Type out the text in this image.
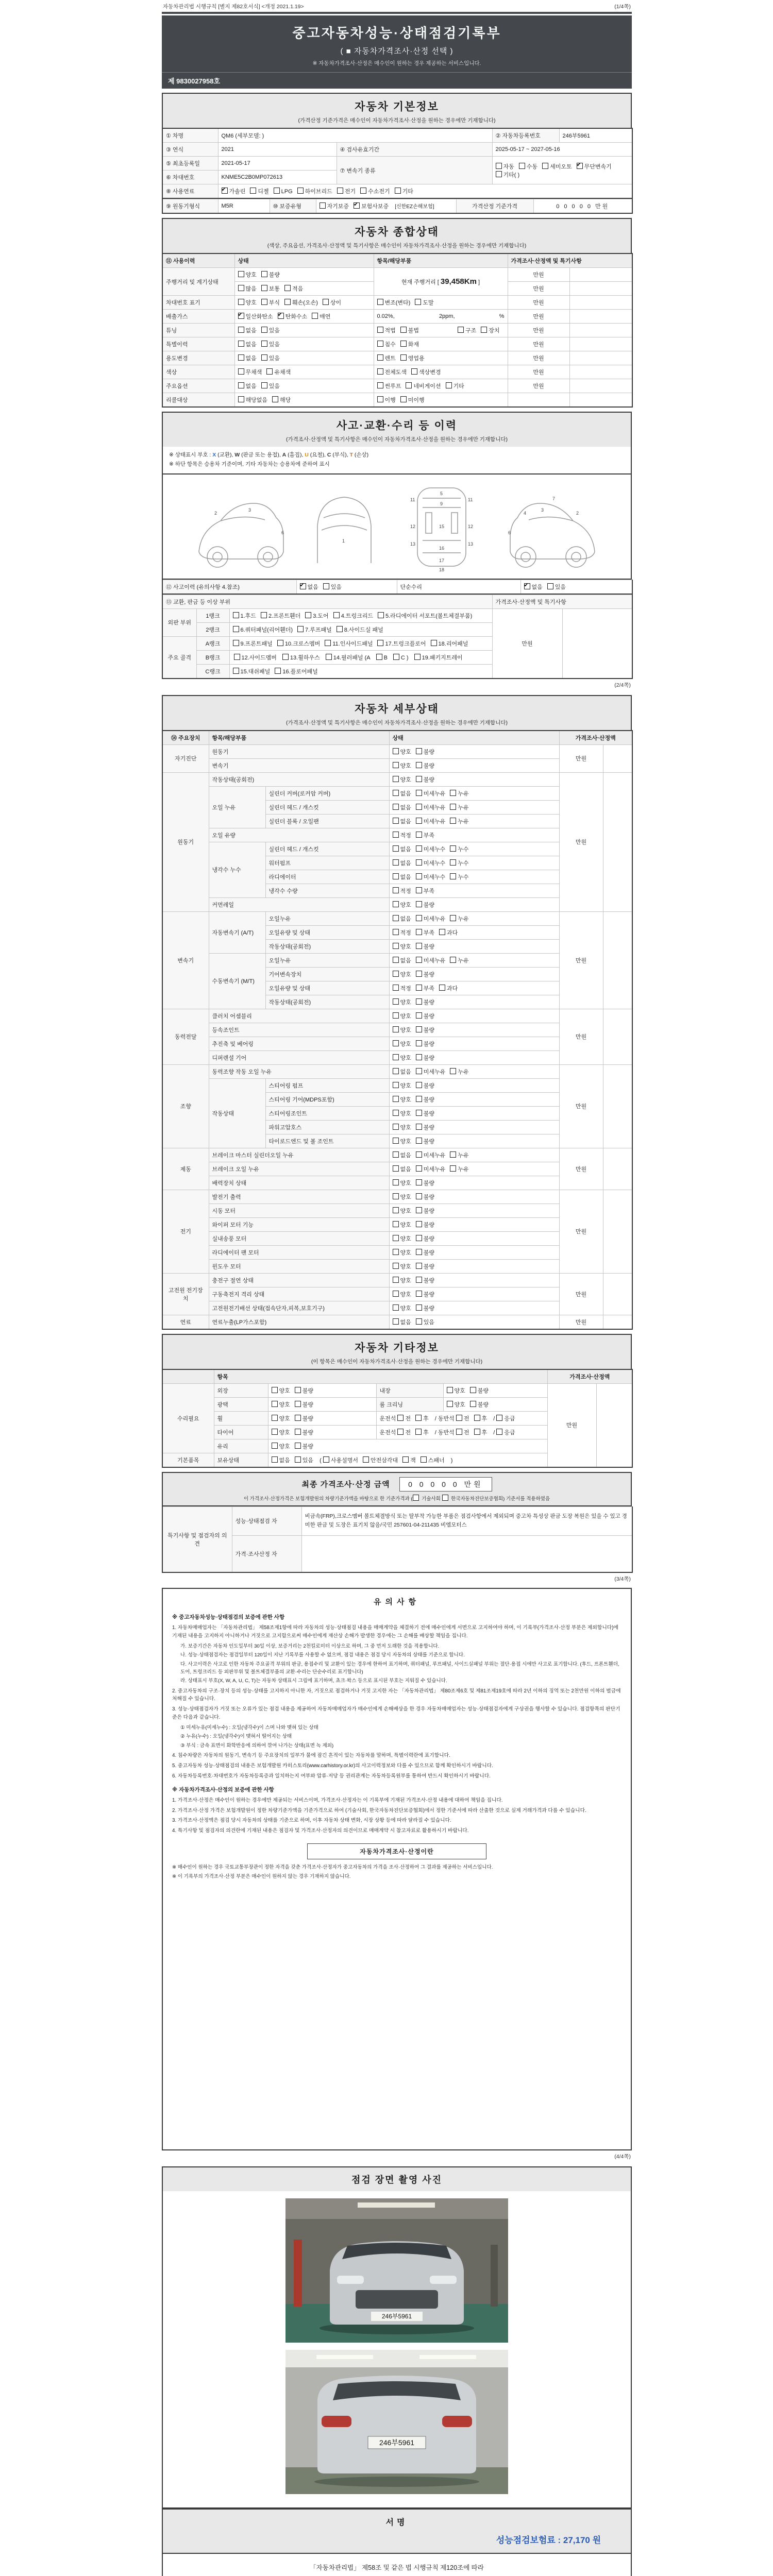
자동차관리법 시행규칙 [별지 제82호서식] <개정 2021.1.19>	(1/4쪽)
중고자동차성능·상태점검기록부
( ■ 자동차가격조사·산정 선택 )
※ 자동차가격조사·산정은 매수인이 원하는 경우 제공하는 서비스입니다.
제 9830027958호
자동차 기본정보
(가격산정 기준가격은 매수인이 자동차가격조사·산정을 원하는 경우에만 기재합니다)
① 차명	QM6 (세부모델: )		② 자동차등록번호	246부5961
③ 연식	2021	④ 검사유효기간	2025-05-17 ~ 2027-05-16	
⑤ 최초등록일	2021-05-17	⑦ 변속기 종류	자동 수동 세미오토 ✔ 무단변속기기타( )
⑥ 차대번호	KNME5C2B0MP072613			
⑧ 사용연료	✔가솔린 디젤 LPG 하이브리드 전기 수소전기 기타
⑨ 원동기형식	M5R	⑩ 보증유형	자기보증 ✔ 보험사보증 [신한EZ손해보험]	가격산정 기준가격	0 0 0 0 0 만원
자동차 종합상태
(색상, 주요옵션, 가격조사·산정액 및 특기사항은 매수인이 자동차가격조사·산정을 원하는 경우에만 기재합니다)
⑪ 사용이력	상태	항목/해당부품	가격조사·산정액 및 특기사항	
주행거리 및 계기상태	양호 불량	현재 주행거리 [ 39,458Km ]	만원	
	많음 보통 적음		만원	
차대번호 표기	양호 부식 훼손(오손) 상이	변조(변타) 도말	만원	
배출가스	✔일산화탄소 ✔ 탄화수소 매연	0.02%, 2ppm, %	만원	
튜닝	없음 있음	적법 불법 구조 장치	만원	
특별이력	없음 있음	침수 화재	만원	
용도변경	없음 있음	렌트 영업용	만원	
색상	무채색 유채색	전체도색 색상변경	만원	
주요옵션	없음 있음	썬루프 네비게이션 기타	만원	
리콜대상	해당없음 해당	이행 미이행		
사고·교환·수리 등 이력
(가격조사·산정액 및 특기사항은 매수인이 자동차가격조사·산정을 원하는 경우에만 기재합니다)
※ 상태표시 부호 : X (교환), W (판금 또는 용접), A (흠집), U (요철), C (부식), T (손상)
※ 하단 항목은 승용차 기준이며, 기타 자동차는 승용차에 준하여 표시
2
3
6
1
11	11
5
9
12	12
13	13
15
16
17
18
2
3
7
6
4
⑫ 사고이력 (유의사항 4.참조)	✔없음 있음	단순수리	✔없음 있음
⑬ 교환, 판금 등 이상 부위			가격조사·산정액 및 특기사항	
외판 부위	1랭크	1.후드 2.프론트휀더 3.도어 4.트렁크리드 5.라디에이터 서포트(볼트체결부품)	만원	
	2랭크	6.쿼터패널(리어휀더) 7.루프패널 8.사이드실 패널		
주요 골격	A랭크	9.프론트패널 10.크로스멤버 11.인사이드패널 17.트렁크플로어 18.리어패널		
	B랭크	12.사이드멤버 13.휠하우스 14.필러패널 (A B C ) 19.패키지트레이		
	C랭크	15.대쉬패널 16.플로어패널		
(2/4쪽)
자동차 세부상태
(가격조사·산정액 및 특기사항은 매수인이 자동차가격조사·산정을 원하는 경우에만 기재합니다)
⑭ 주요장치	항목/해당부품		상태	가격조사·산정액	
자기진단	원동기		양호 불량	만원	
	변속기		양호 불량		
원동기	작동상태(공회전)		양호 불량	만원	
	오일 누유	실린더 커버(로커암 커버)	없음 미세누유 누유		
		실린더 헤드 / 개스킷	없음 미세누유 누유		
		실린더 블록 / 오일팬	없음 미세누유 누유		
	오일 유량		적정 부족		
	냉각수 누수	실린더 헤드 / 개스킷	없음 미세누수 누수		
		워터펌프	없음 미세누수 누수		
		라디에이터	없음 미세누수 누수		
		냉각수 수량	적정 부족		
	커먼레일		양호 불량		
변속기	자동변속기 (A/T)	오일누유	없음 미세누유 누유	만원	
		오일유량 및 상태	적정 부족 과다		
		작동상태(공회전)	양호 불량		
	수동변속기 (M/T)	오일누유	없음 미세누유 누유		
		기어변속장치	양호 불량		
		오일유량 및 상태	적정 부족 과다		
		작동상태(공회전)	양호 불량		
동력전달	클러치 어셈블리		양호 불량	만원	
	등속조인트		양호 불량		
	추진축 및 베어링		양호 불량		
	디퍼렌셜 기어		양호 불량		
조향	동력조향 작동 오일 누유		없음 미세누유 누유	만원	
	작동상태	스티어링 펌프	양호 불량		
		스티어링 기어(MDPS포함)	양호 불량		
		스티어링조인트	양호 불량		
		파워고압호스	양호 불량		
		타이로드엔드 및 볼 조인트	양호 불량		
제동	브레이크 마스터 실린더오일 누유		없음 미세누유 누유	만원	
	브레이크 오일 누유		없음 미세누유 누유		
	배력장치 상태		양호 불량		
전기	발전기 출력		양호 불량	만원	
	시동 모터		양호 불량		
	와이퍼 모터 기능		양호 불량		
	실내송풍 모터		양호 불량		
	라디에이터 팬 모터		양호 불량		
	윈도우 모터		양호 불량		
고전원 전기장치	충전구 절연 상태		양호 불량	만원	
	구동축전지 격리 상태		양호 불량		
	고전원전기배선 상태(접속단자,피복,보호기구)		양호 불량		
연료	연료누출(LP가스포함)		없음 있음	만원	
자동차 기타정보
(이 항목은 매수인이 자동차가격조사·산정을 원하는 경우에만 기재합니다)
	항목				가격조사·산정액	
수리필요	외장	양호 불량	내장	양호 불량	만원	
	광택	양호 불량	룸 크리닝	양호 불량		
	휠	양호 불량	운전석 전 후 / 동반석 전 후 / 응급			
	타이어	양호 불량	운전석 전 후 / 동반석 전 후 / 응급			
	유리	양호 불량				
기본품목	보유상태	없음 있음 ( 사용설명서 안전삼각대 잭 스패너 )				
최종 가격조사·산정 금액	0 0 0 0 0 만원
이 가격조사·산정가격은 보험개발원의 차량기준가액을 바탕으로 한 기준가격과 ( 기술사회 한국자동차진단보증협회) 기준서를 적용하였음
특기사항 및 점검자의 의견	성능·상태점검 자	비금속(FRP),크로스멤버 볼트체결방식 또는 탈부착 가능한 부품은 점검사항에서 제외되며 중고차 특성상 판금 도장 복원은 있을 수 있고 경미한 판금 및 도장은 표기치 않음/국민 257601-04-211435 비엠모터스
	가격·조사산정 자	
(3/4쪽)
유의사항
※ 중고자동차성능·상태점검의 보증에 관한 사항
1. 자동차매매업자는 「자동차관리법」 제58조제1항에 따라 자동차의 성능·상태점검 내용을 매매계약을 체결하기 전에 매수인에게 서면으로 고지하여야 하며, 이 기록부(가격조사·산정 부분은 제외합니다)에 기재된 내용을 고지하지 아니하거나 거짓으로 고지함으로써 매수인에게 재산상 손해가 발생한 경우에는 그 손해를 배상할 책임을 집니다.
가. 보증기간은 자동차 인도일부터 30일 이상, 보증거리는 2천킬로미터 이상으로 하며, 그 중 먼저 도래한 것을 적용합니다.
나. 성능·상태점검자는 점검일부터 120일이 지난 기록부를 사용할 수 없으며, 점검 내용은 점검 당시 자동차의 상태를 기준으로 합니다.
다. 사고이력은 사고로 인한 자동차 주요골격 부위의 판금, 용접수리 및 교환이 있는 경우에 한하여 표기하며, 쿼터패널, 루프패널, 사이드실패널 부위는 절단·용접 시에만 사고로 표기합니다. (후드, 프론트휀더, 도어, 트렁크리드 등 외판부위 및 볼트체결부품의 교환·수리는 단순수리로 표기합니다)
라. 상태표시 부호(X, W, A, U, C, T)는 자동차 상태표시 그림에 표기하며, 쵸크·왁스 등으로 표시된 부호는 지워질 수 있습니다.
2. 중고자동차의 구조·장치 등의 성능·상태를 고지하지 아니한 자, 거짓으로 점검하거나 거짓 고지한 자는 「자동차관리법」 제80조제6호 및 제81조제19호에 따라 2년 이하의 징역 또는 2천만원 이하의 벌금에 처해질 수 있습니다.
3. 성능·상태점검자가 거짓 또는 오류가 있는 점검 내용을 제공하여 자동차매매업자가 매수인에게 손해배상을 한 경우 자동차매매업자는 성능·상태점검자에게 구상권을 행사할 수 있습니다. 점검항목의 판단기준은 다음과 같습니다.
① 미세누유(미세누수) : 오일(냉각수)이 스며 나와 맺혀 있는 상태
② 누유(누수) : 오일(냉각수)이 맺혀서 떨어지는 상태
③ 부식 : 금속 표면이 화학반응에 의하여 깎여 나가는 상태(표면 녹 제외)
4. 침수차량은 자동차의 원동기, 변속기 등 주요장치의 일부가 물에 잠긴 흔적이 있는 자동차를 말하며, 특별이력란에 표기합니다.
5. 중고자동차 성능·상태점검의 내용은 보험개발원 카히스토리(www.carhistory.or.kr)의 사고이력정보와 다를 수 있으므로 함께 확인하시기 바랍니다.
6. 자동차등록번호·차대번호가 자동차등록증과 일치하는지 여부와 압류·저당 등 권리관계는 자동차등록원부를 통하여 반드시 확인하시기 바랍니다.
※ 자동차가격조사·산정의 보증에 관한 사항
1. 가격조사·산정은 매수인이 원하는 경우에만 제공되는 서비스이며, 가격조사·산정자는 이 기록부에 기재된 가격조사·산정 내용에 대하여 책임을 집니다.
2. 가격조사·산정 가격은 보험개발원이 정한 차량기준가액을 기준가격으로 하여 (기술사회, 한국자동차진단보증협회)에서 정한 기준서에 따라 산출한 것으로 실제 거래가격과 다를 수 있습니다.
3. 가격조사·산정액은 점검 당시 자동차의 상태를 기준으로 하며, 이후 자동차 상태 변화, 시장 상황 등에 따라 달라질 수 있습니다.
4. 특기사항 및 점검자의 의견란에 기재된 내용은 점검자 및 가격조사·산정자의 의견이므로 매매계약 시 참고자료로 활용하시기 바랍니다.
자동차가격조사·산정이란
※ 매수인이 원하는 경우 국토교통부장관이 정한 자격을 갖춘 가격조사·산정자가 중고자동차의 가격을 조사·산정하여 그 결과를 제공하는 서비스입니다.
※ 이 기록부의 가격조사·산정 부분은 매수인이 원하지 않는 경우 기재하지 않습니다.
(4/4쪽)
점검 장면 촬영 사진
246부5961
246부5961
서명
성능점검보험료 : 27,170 원
「자동차관리법」 제58조 및 같은 법 시행규칙 제120조에 따라
